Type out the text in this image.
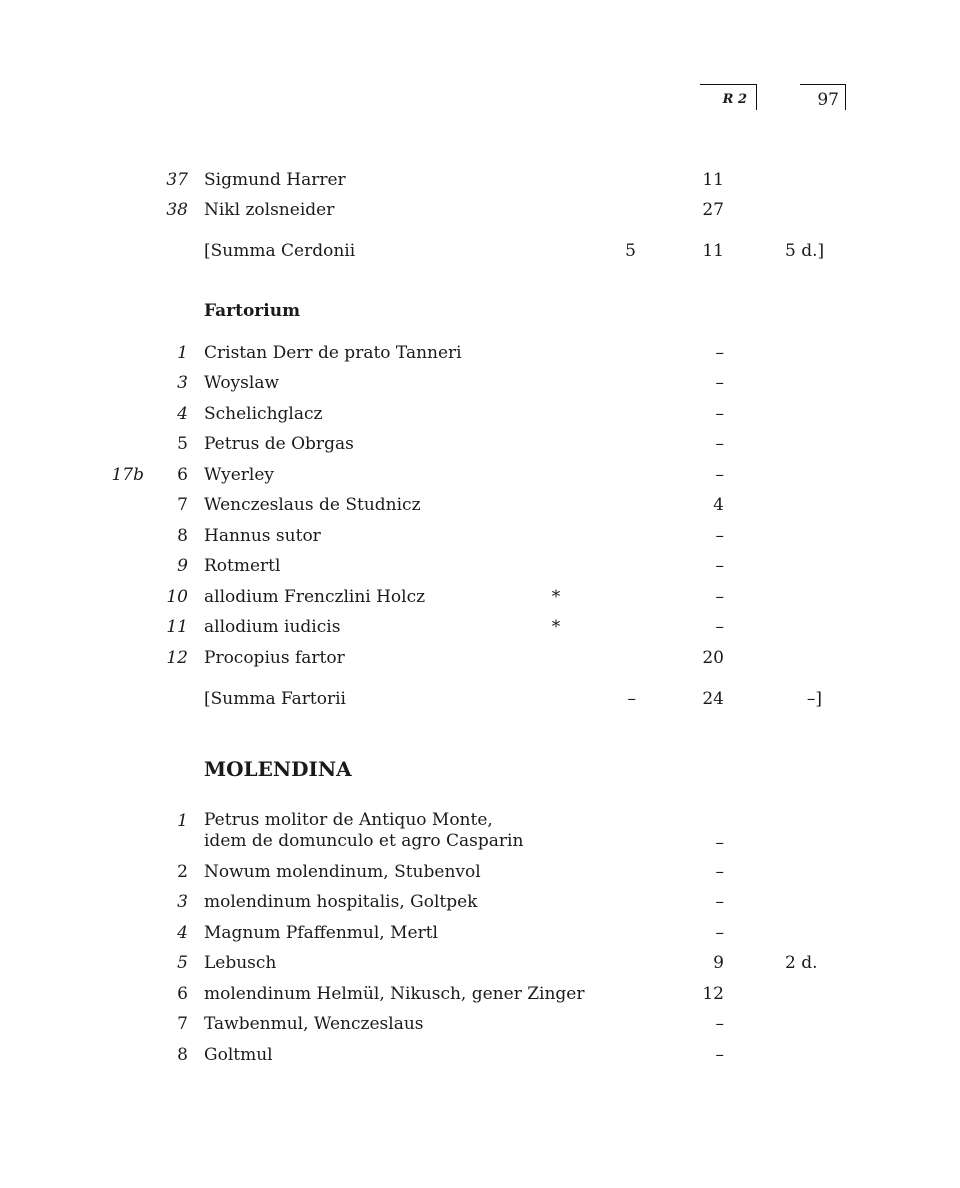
R 2	97
37 Sigmund Harrer	11
38 Nikl zolsneider	27
[Summa Cerdonii	5	11	5 d.]
Fartorium
1 Cristan Derr de prato Tanneri	–
3 Woyslaw	–
4 Schelichglacz	–
5 Petrus de Obrgas	–
17b	6 Wyerley	–
7 Wenczeslaus de Studnicz	4
8 Hannus sutor	–
9 Rotmertl	–
10 allodium Frenczlini Holcz	*	–
11 allodium iudicis	*	–
12 Procopius fartor	20
[Summa Fartorii	–	24	–]
MOLENDINA
1 Petrus molitor de Antiquo Monte,
idem de domunculo et agro Casparin	–
2 Nowum molendinum, Stubenvol	–
3 molendinum hospitalis, Goltpek	–
4 Magnum Pfaffenmul, Mertl	–
5 Lebusch	9	2 d.
6 molendinum Helmül, Nikusch, gener Zinger	12
7 Tawbenmul, Wenczeslaus	–
8 Goltmul	–
